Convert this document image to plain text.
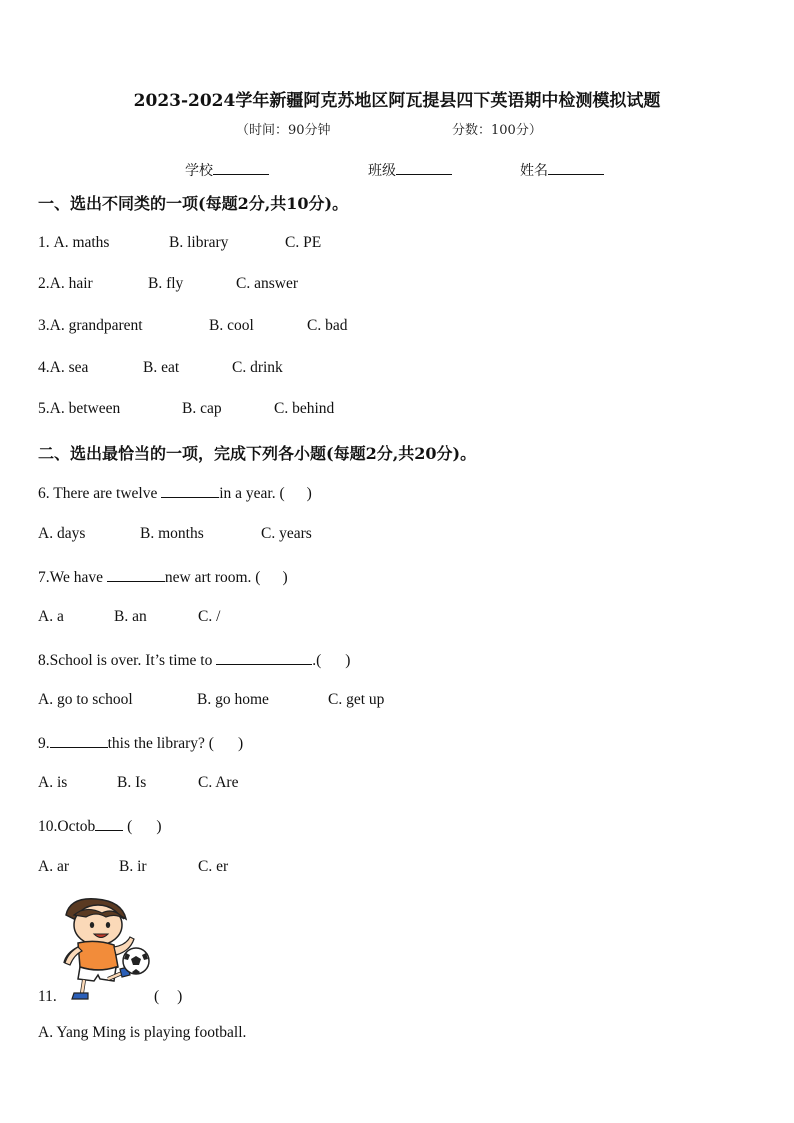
2023-2024学年新疆阿克苏地区阿瓦提县四下英语期中检测模拟试题
（时间：90分钟	分数：100分）
学校	班级	姓名
一、选出不同类的一项(每题2分,共10分)。
1. A. maths	B. library	C. PE
2.A. hair	B. fly	C. answer
3.A. grandparent	B. cool	C. bad
4.A. sea	B. eat	C. drink
5.A. between	B. cap	C. behind
二、选出最恰当的一项，完成下列各小题(每题2分,共20分)。
6. There are twelve	in a year. ( )
A. days	B. months	C. years
7.We have	new art room. ( )
A. a	B. an	C. /
8.School is over. It’s time to	.( )
A. go to school	B. go home	C. get up
9.	this the library? ( )
A. is	B. Is	C. Are
10.Octob ( )
A. ar	B. ir	C. er
11.	( )
A. Yang Ming is playing football.
